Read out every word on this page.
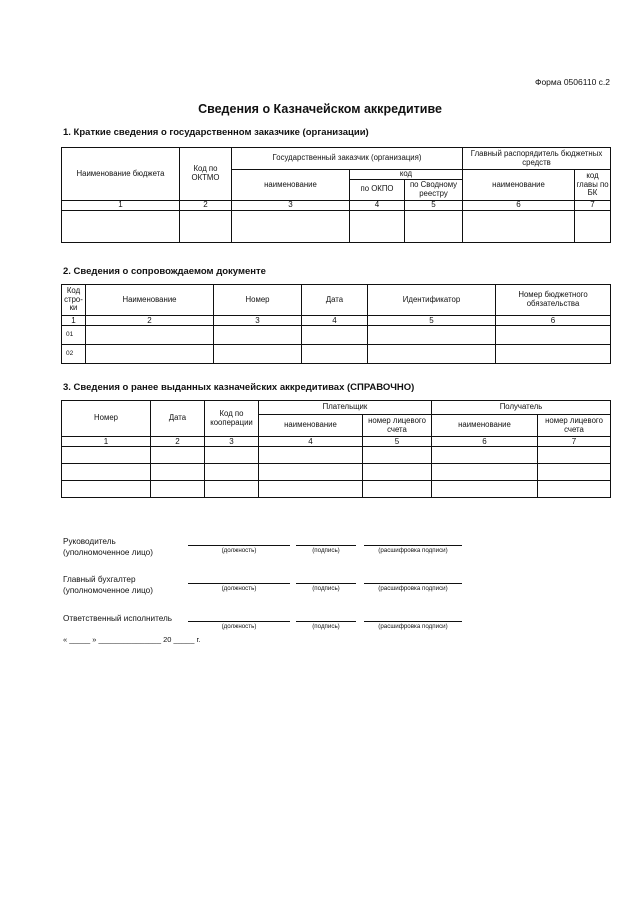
Форма 0506110 с.2
Сведения о Казначейском аккредитиве
1. Краткие сведения о государственном заказчике (организации)
Наименование бюджета	Код по ОКТМО	Государственный заказчик (организация)			Главный распорядитель бюджетных средств	
		наименование	код		наименование	код главы по БК
			по ОКПО	по Сводному реестру		
1	2	3	4	5	6	7

2. Сведения о сопровождаемом документе
Код стро-ки	Наименование	Номер	Дата	Идентификатор	Номер бюджетного обязательства
1	2	3	4	5	6
01					
02					
3. Сведения о ранее выданных казначейских аккредитивах (СПРАВОЧНО)
Номер	Дата	Код по кооперации	Плательщик		Получатель	
			наименование	номер лицевого счета	наименование	номер лицевого счета
1	2	3	4	5	6	7

Руководитель
(уполномоченное лицо)	(должность)	(подпись)	(расшифровка подписи)
Главный бухгалтер
(уполномоченное лицо)	(должность)	(подпись)	(расшифровка подписи)
Ответственный исполнитель
(должность)	(подпись)	(расшифровка подписи)
« _____ » _______________ 20 _____ г.
